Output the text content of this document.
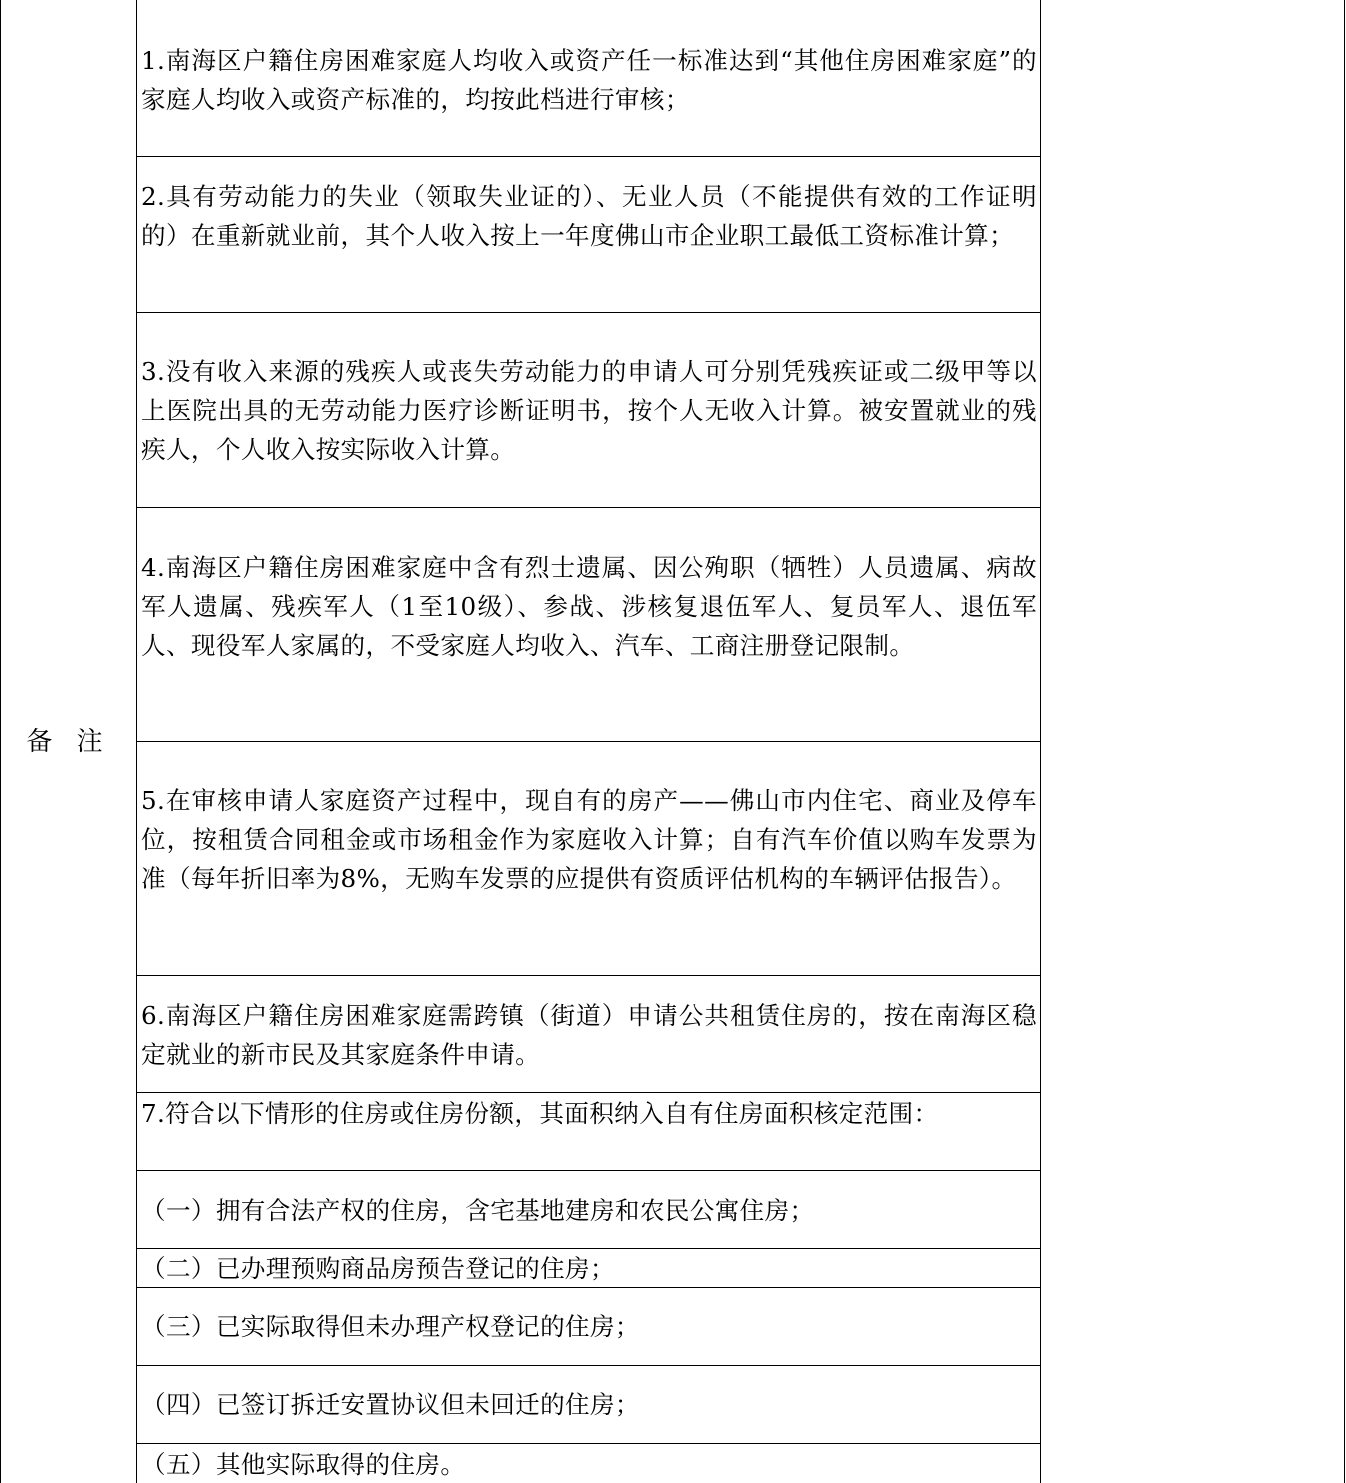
备 注
1.南海区户籍住房困难家庭人均收入或资产任一标准达到“其他住房困难家庭”的家庭人均收入或资产标准的，均按此档进行审核；
2.具有劳动能力的失业（领取失业证的）、无业人员（不能提供有效的工作证明的）在重新就业前，其个人收入按上一年度佛山市企业职工最低工资标准计算；
3.没有收入来源的残疾人或丧失劳动能力的申请人可分别凭残疾证或二级甲等以上医院出具的无劳动能力医疗诊断证明书，按个人无收入计算。被安置就业的残疾人，个人收入按实际收入计算。
4.南海区户籍住房困难家庭中含有烈士遗属、因公殉职（牺牲）人员遗属、病故军人遗属、残疾军人（1至10级）、参战、涉核复退伍军人、复员军人、退伍军人、现役军人家属的，不受家庭人均收入、汽车、工商注册登记限制。
5.在审核申请人家庭资产过程中，现自有的房产——佛山市内住宅、商业及停车位，按租赁合同租金或市场租金作为家庭收入计算；自有汽车价值以购车发票为准（每年折旧率为8%，无购车发票的应提供有资质评估机构的车辆评估报告）。
6.南海区户籍住房困难家庭需跨镇（街道）申请公共租赁住房的，按在南海区稳定就业的新市民及其家庭条件申请。
7.符合以下情形的住房或住房份额，其面积纳入自有住房面积核定范围：
（一）拥有合法产权的住房，含宅基地建房和农民公寓住房；
（二）已办理预购商品房预告登记的住房；
（三）已实际取得但未办理产权登记的住房；
（四）已签订拆迁安置协议但未回迁的住房；
（五）其他实际取得的住房。
